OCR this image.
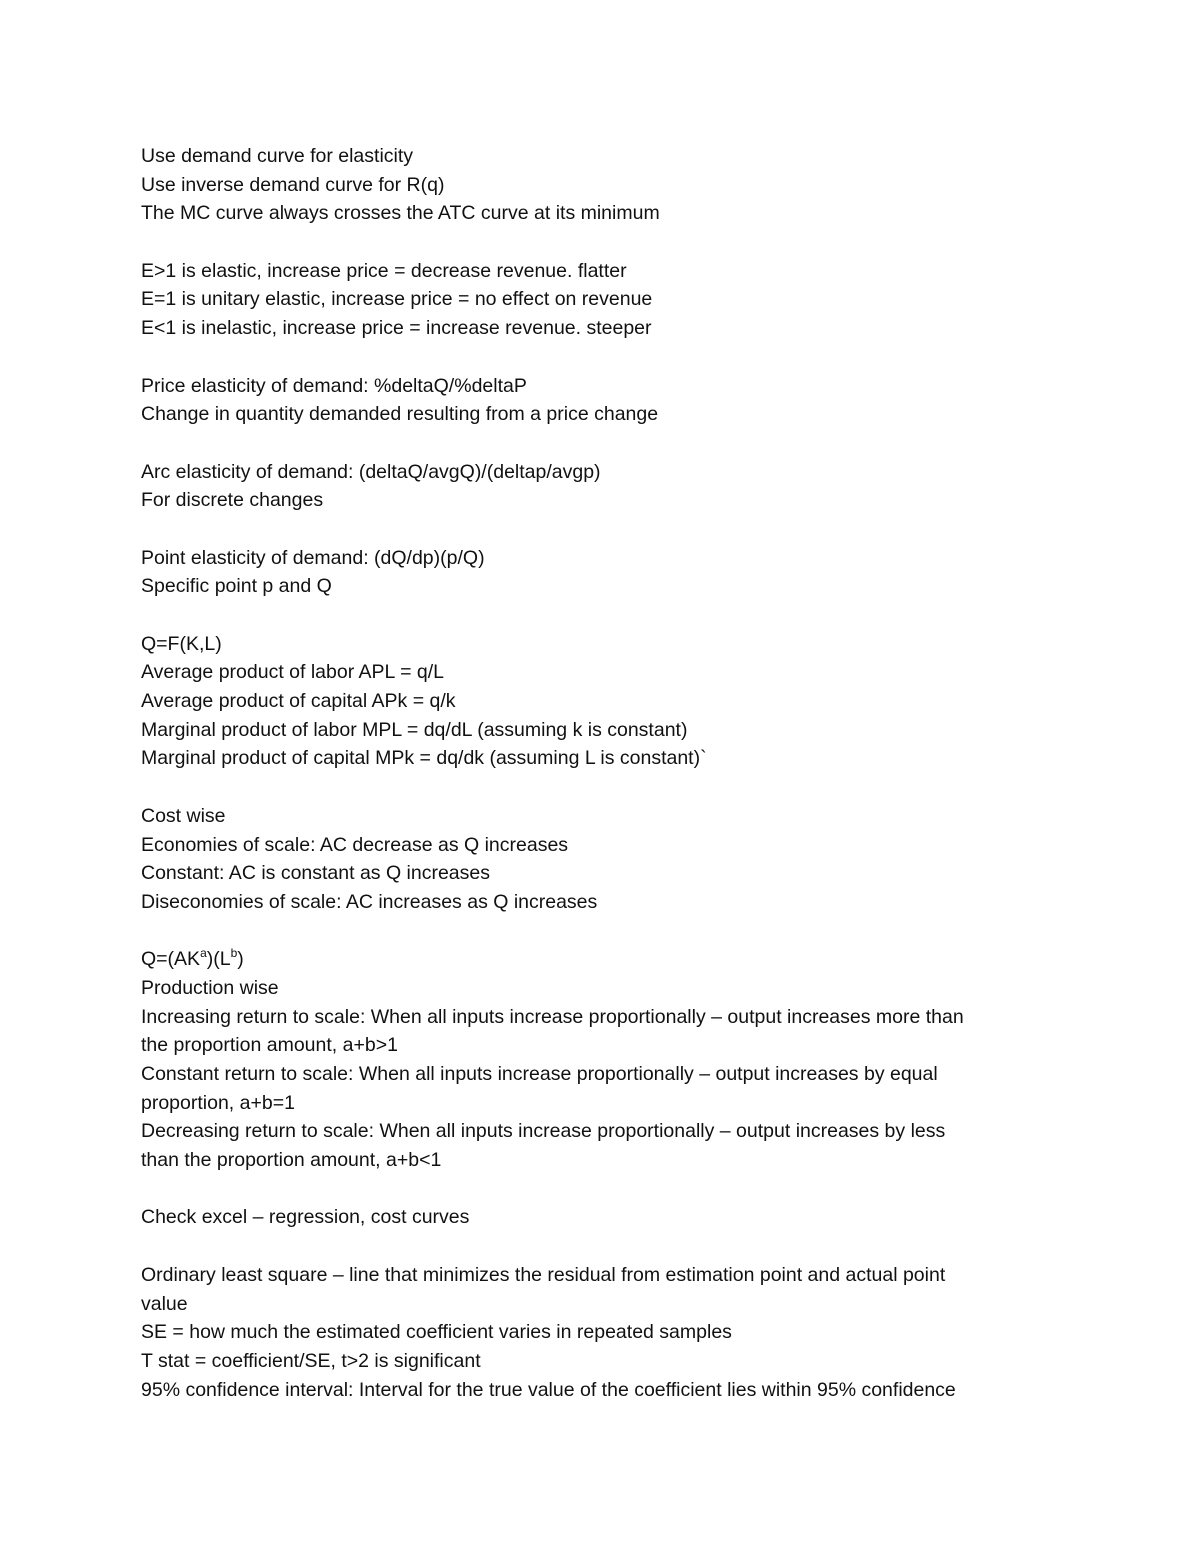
Use demand curve for elasticity
Use inverse demand curve for R(q)
The MC curve always crosses the ATC curve at its minimum
E>1 is elastic, increase price = decrease revenue. flatter
E=1 is unitary elastic, increase price = no effect on revenue
E<1 is inelastic, increase price = increase revenue. steeper
Price elasticity of demand: %deltaQ/%deltaP
Change in quantity demanded resulting from a price change
Arc elasticity of demand: (deltaQ/avgQ)/(deltap/avgp)
For discrete changes
Point elasticity of demand: (dQ/dp)(p/Q)
Specific point p and Q
Q=F(K,L)
Average product of labor APL = q/L
Average product of capital APk = q/k
Marginal product of labor MPL = dq/dL (assuming k is constant)
Marginal product of capital MPk = dq/dk (assuming L is constant)`
Cost wise
Economies of scale: AC decrease as Q increases
Constant: AC is constant as Q increases
Diseconomies of scale: AC increases as Q increases
$Q=(AK^a)(L^b)$
Production wise
Increasing return to scale: When all inputs increase proportionally – output increases more than
the proportion amount, a+b>1
Constant return to scale: When all inputs increase proportionally – output increases by equal
proportion, a+b=1
Decreasing return to scale: When all inputs increase proportionally – output increases by less
than the proportion amount, a+b<1
Check excel – regression, cost curves
Ordinary least square – line that minimizes the residual from estimation point and actual point
value
SE = how much the estimated coefficient varies in repeated samples
T stat = coefficient/SE, t>2 is significant
95% confidence interval: Interval for the true value of the coefficient lies within 95% confidence
